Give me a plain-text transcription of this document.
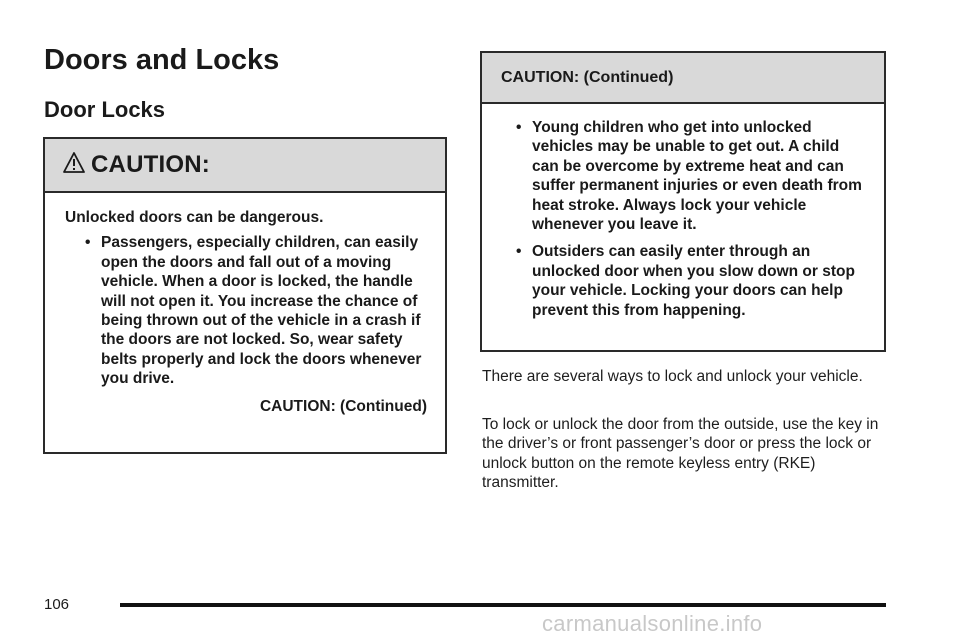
Doors and Locks
Door Locks
CAUTION:

Unlocked doors can be dangerous.

• Passengers, especially children, can easily open the doors and fall out of a moving vehicle. When a door is locked, the handle will not open it. You increase the chance of being thrown out of the vehicle in a crash if the doors are not locked. So, wear safety belts properly and lock the doors whenever you drive.
CAUTION: (Continued)
CAUTION: (Continued)
• Young children who get into unlocked vehicles may be unable to get out. A child can be overcome by extreme heat and can suffer permanent injuries or even death from heat stroke. Always lock your vehicle whenever you leave it.
• Outsiders can easily enter through an unlocked door when you slow down or stop your vehicle. Locking your doors can help prevent this from happening.

There are several ways to lock and unlock your vehicle.

To lock or unlock the door from the outside, use the key in the driver’s or front passenger’s door or press the lock or unlock button on the remote keyless entry (RKE) transmitter.

106
carmanualsonline.info
